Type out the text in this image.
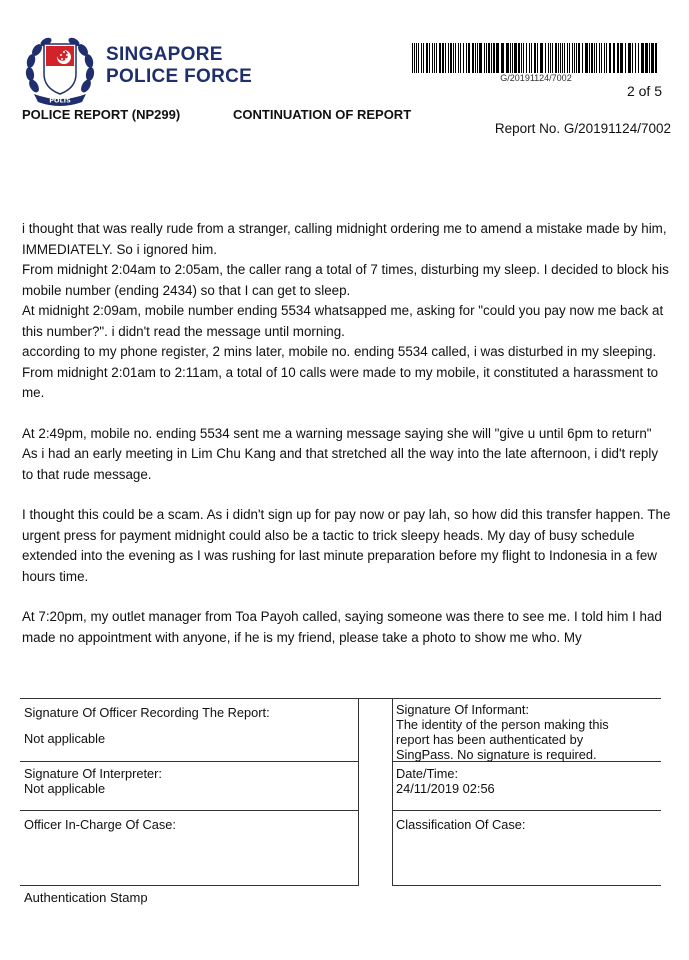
POLIS
SINGAPORE
POLICE FORCE	G/20191124/7002
2 of 5
POLICE REPORT (NP299)	CONTINUATION OF REPORT
Report No. G/20191124/7002

i thought that was really rude from a stranger, calling midnight ordering me to amend a mistake made by him, IMMEDIATELY. So i ignored him.

From midnight 2:04am to 2:05am, the caller rang a total of 7 times, disturbing my sleep. I decided to block his mobile number (ending 2434) so that I can get to sleep.

At midnight 2:09am, mobile number ending 5534 whatsapped me, asking for "could you pay now me back at this number?". i didn't read the message until morning.

according to my phone register, 2 mins later, mobile no. ending 5534 called, i was disturbed in my sleeping.

From midnight 2:01am to 2:11am, a total of 10 calls were made to my mobile, it constituted a harassment to me.

At 2:49pm, mobile no. ending 5534 sent me a warning message saying she will "give u until 6pm to return"

As i had an early meeting in Lim Chu Kang and that stretched all the way into the late afternoon, i did't reply to that rude message.

I thought this could be a scam. As i didn't sign up for pay now or pay lah, so how did this transfer happen. The urgent press for payment midnight could also be a tactic to trick sleepy heads. My day of busy schedule extended into the evening as I was rushing for last minute preparation before my flight to Indonesia in a few hours time.

At 7:20pm, my outlet manager from Toa Payoh called, saying someone was there to see me. I told him I had made no appointment with anyone, if he is my friend, please take a photo to show me who. My

Signature Of Officer Recording The Report:
Not applicable
Signature Of Informant:
The identity of the person making this report has been authenticated by SingPass. No signature is required.
Signature Of Interpreter:
Not applicable
Date/Time:
24/11/2019 02:56
Officer In-Charge Of Case:	Classification Of Case:
Authentication Stamp
